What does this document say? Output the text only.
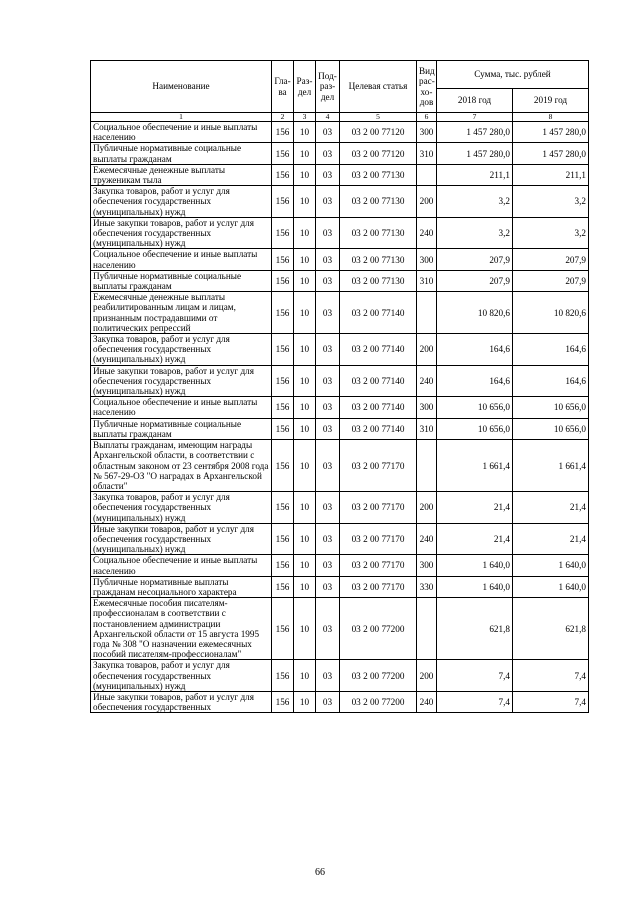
Наименование	Гла-ва	Раз-дел	Под-раз-дел	Целевая статья	Вид рас-хо-дов	Сумма, тыс. рублей	
						2018 год	2019 год
1	2	3	4	5	6	7	8
Социальное обеспечение и иные выплаты населению	156	10	03	03 2 00 77120	300	1 457 280,0	1 457 280,0
Публичные нормативные социальные выплаты гражданам	156	10	03	03 2 00 77120	310	1 457 280,0	1 457 280,0
Ежемесячные денежные выплаты труженикам тыла	156	10	03	03 2 00 77130		211,1	211,1
Закупка товаров, работ и услуг для обеспечения государственных (муниципальных) нужд	156	10	03	03 2 00 77130	200	3,2	3,2
Иные закупки товаров, работ и услуг для обеспечения государственных (муниципальных) нужд	156	10	03	03 2 00 77130	240	3,2	3,2
Социальное обеспечение и иные выплаты населению	156	10	03	03 2 00 77130	300	207,9	207,9
Публичные нормативные социальные выплаты гражданам	156	10	03	03 2 00 77130	310	207,9	207,9
Ежемесячные денежные выплаты реабилитированным лицам и лицам, признанным пострадавшими от политических репрессий	156	10	03	03 2 00 77140		10 820,6	10 820,6
Закупка товаров, работ и услуг для обеспечения государственных (муниципальных) нужд	156	10	03	03 2 00 77140	200	164,6	164,6
Иные закупки товаров, работ и услуг для обеспечения государственных (муниципальных) нужд	156	10	03	03 2 00 77140	240	164,6	164,6
Социальное обеспечение и иные выплаты населению	156	10	03	03 2 00 77140	300	10 656,0	10 656,0
Публичные нормативные социальные выплаты гражданам	156	10	03	03 2 00 77140	310	10 656,0	10 656,0
Выплаты гражданам, имеющим награды Архангельской области, в соответствии с областным законом от 23 сентября 2008 года № 567-29-ОЗ "О наградах в Архангельской области"	156	10	03	03 2 00 77170		1 661,4	1 661,4
Закупка товаров, работ и услуг для обеспечения государственных (муниципальных) нужд	156	10	03	03 2 00 77170	200	21,4	21,4
Иные закупки товаров, работ и услуг для обеспечения государственных (муниципальных) нужд	156	10	03	03 2 00 77170	240	21,4	21,4
Социальное обеспечение и иные выплаты населению	156	10	03	03 2 00 77170	300	1 640,0	1 640,0
Публичные нормативные выплаты гражданам несоциального характера	156	10	03	03 2 00 77170	330	1 640,0	1 640,0
Ежемесячные пособия писателям-профессионалам в соответствии с постановлением администрации Архангельской области от 15 августа 1995 года № 308 "О назначении ежемесячных пособий писателям-профессионалам"	156	10	03	03 2 00 77200		621,8	621,8
Закупка товаров, работ и услуг для обеспечения государственных (муниципальных) нужд	156	10	03	03 2 00 77200	200	7,4	7,4
Иные закупки товаров, работ и услуг для обеспечения государственных	156	10	03	03 2 00 77200	240	7,4	7,4
66
